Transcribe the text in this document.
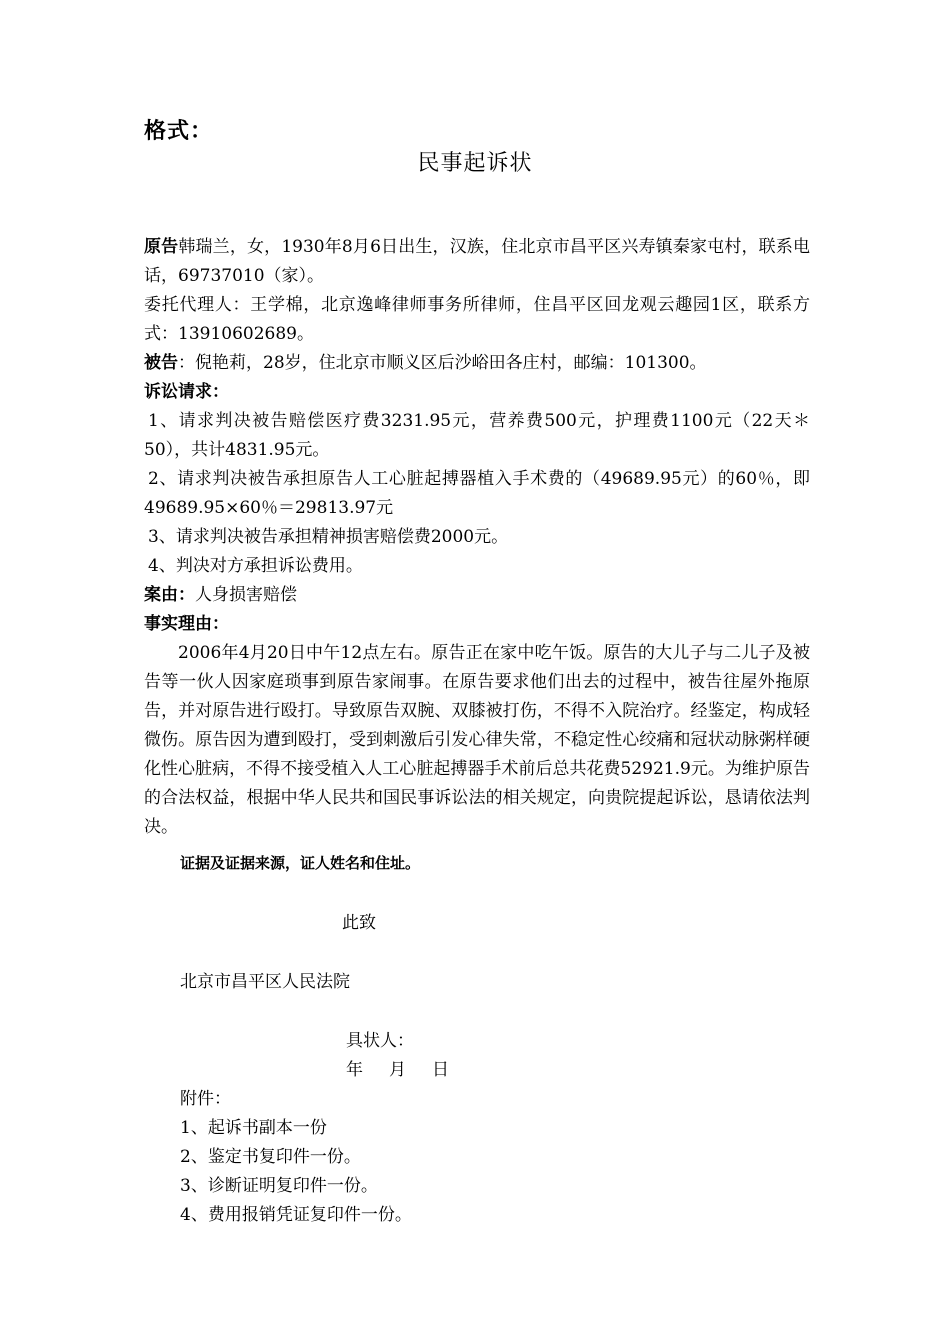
格式：
民事起诉状

原告韩瑞兰，女，1930年8月6日出生，汉族，住北京市昌平区兴寿镇秦家屯村，联系电话，69737010（家）。

委托代理人：王学棉，北京逸峰律师事务所律师，住昌平区回龙观云趣园1区，联系方式：13910602689。

被告：倪艳莉，28岁，住北京市顺义区后沙峪田各庄村，邮编：101300。

诉讼请求：

1、请求判决被告赔偿医疗费3231.95元，营养费500元，护理费1100元（22天＊50），共计4831.95元。

2、请求判决被告承担原告人工心脏起搏器植入手术费的（49689.95元）的60％，即49689.95×60％＝29813.97元

3、请求判决被告承担精神损害赔偿费2000元。

4、判决对方承担诉讼费用。

案由：人身损害赔偿

事实理由：

2006年4月20日中午12点左右。原告正在家中吃午饭。原告的大儿子与二儿子及被告等一伙人因家庭琐事到原告家闹事。在原告要求他们出去的过程中，被告往屋外拖原告，并对原告进行殴打。导致原告双腕、双膝被打伤，不得不入院治疗。经鉴定，构成轻微伤。原告因为遭到殴打，受到刺激后引发心律失常，不稳定性心绞痛和冠状动脉粥样硬化性心脏病，不得不接受植入人工心脏起搏器手术前后总共花费52921.9元。为维护原告的合法权益，根据中华人民共和国民事诉讼法的相关规定，向贵院提起诉讼，恳请依法判决。

证据及证据来源，证人姓名和住址。
此致
北京市昌平区人民法院
具状人：
年 月 日
附件：
1、起诉书副本一份
2、鉴定书复印件一份。
3、诊断证明复印件一份。
4、费用报销凭证复印件一份。
